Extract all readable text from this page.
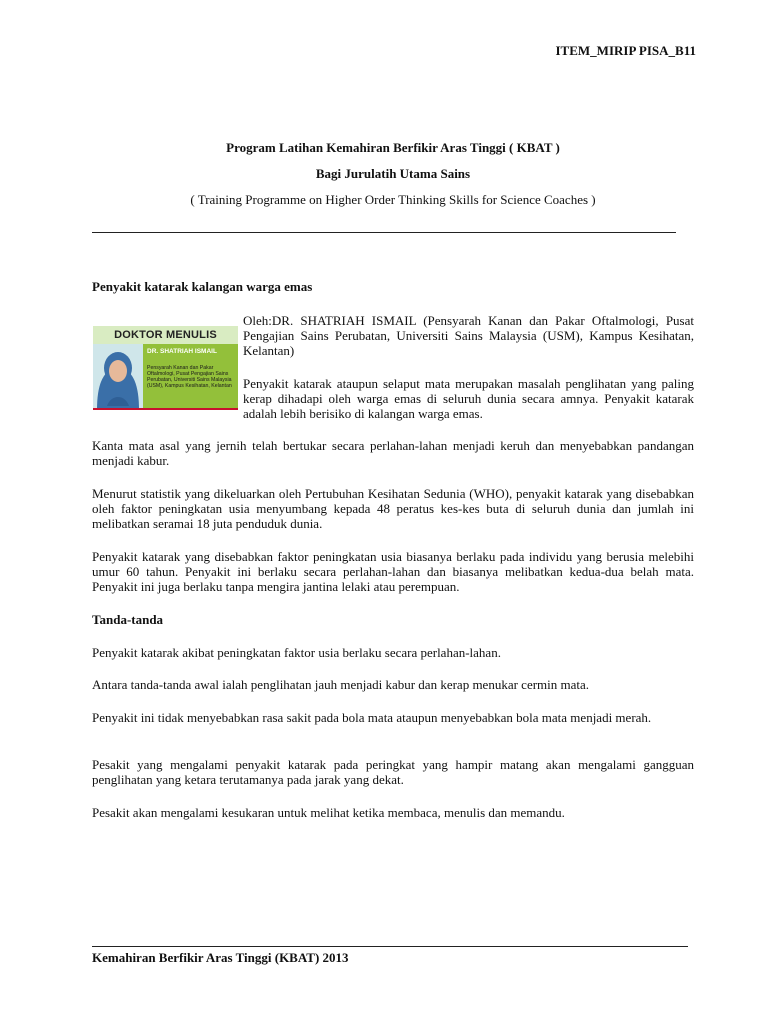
ITEM_MIRIP PISA_B11
Program Latihan Kemahiran Berfikir Aras Tinggi ( KBAT )
Bagi Jurulatih Utama Sains
( Training Programme on Higher Order Thinking Skills for Science Coaches )
Penyakit katarak kalangan warga emas
DOKTOR MENULIS
DR. SHATRIAH ISMAIL
Pensyarah Kanan dan Pakar Oftalmologi, Pusat Pengajian Sains Perubatan, Universiti Sains Malaysia (USM), Kampus Kesihatan, Kelantan
Oleh:DR. SHATRIAH ISMAIL (Pensyarah Kanan dan Pakar Oftalmologi, Pusat Pengajian Sains Perubatan, Universiti Sains Malaysia (USM), Kampus Kesihatan, Kelantan)
Penyakit katarak ataupun selaput mata merupakan masalah penglihatan yang paling kerap dihadapi oleh warga emas di seluruh dunia secara amnya. Penyakit katarak adalah lebih berisiko di kalangan warga emas.
Kanta mata asal yang jernih telah bertukar secara perlahan-lahan menjadi keruh dan menyebabkan pandangan menjadi kabur.
Menurut statistik yang dikeluarkan oleh Pertubuhan Kesihatan Sedunia (WHO), penyakit katarak yang disebabkan oleh faktor peningkatan usia menyumbang kepada 48 peratus kes-kes buta di seluruh dunia dan jumlah ini melibatkan seramai 18 juta penduduk dunia.
Penyakit katarak yang disebabkan faktor peningkatan usia biasanya berlaku pada individu yang berusia melebihi umur 60 tahun. Penyakit ini berlaku secara perlahan-lahan dan biasanya melibatkan kedua-dua belah mata. Penyakit ini juga berlaku tanpa mengira jantina lelaki atau perempuan.
Tanda-tanda
Penyakit katarak akibat peningkatan faktor usia berlaku secara perlahan-lahan.
Antara tanda-tanda awal ialah penglihatan jauh menjadi kabur dan kerap menukar cermin mata.
Penyakit ini tidak menyebabkan rasa sakit pada bola mata ataupun menyebabkan bola mata menjadi merah.
Pesakit yang mengalami penyakit katarak pada peringkat yang hampir matang akan mengalami gangguan penglihatan yang ketara terutamanya pada jarak yang dekat.
Pesakit akan mengalami kesukaran untuk melihat ketika membaca, menulis dan memandu.
Kemahiran Berfikir Aras Tinggi (KBAT) 2013
